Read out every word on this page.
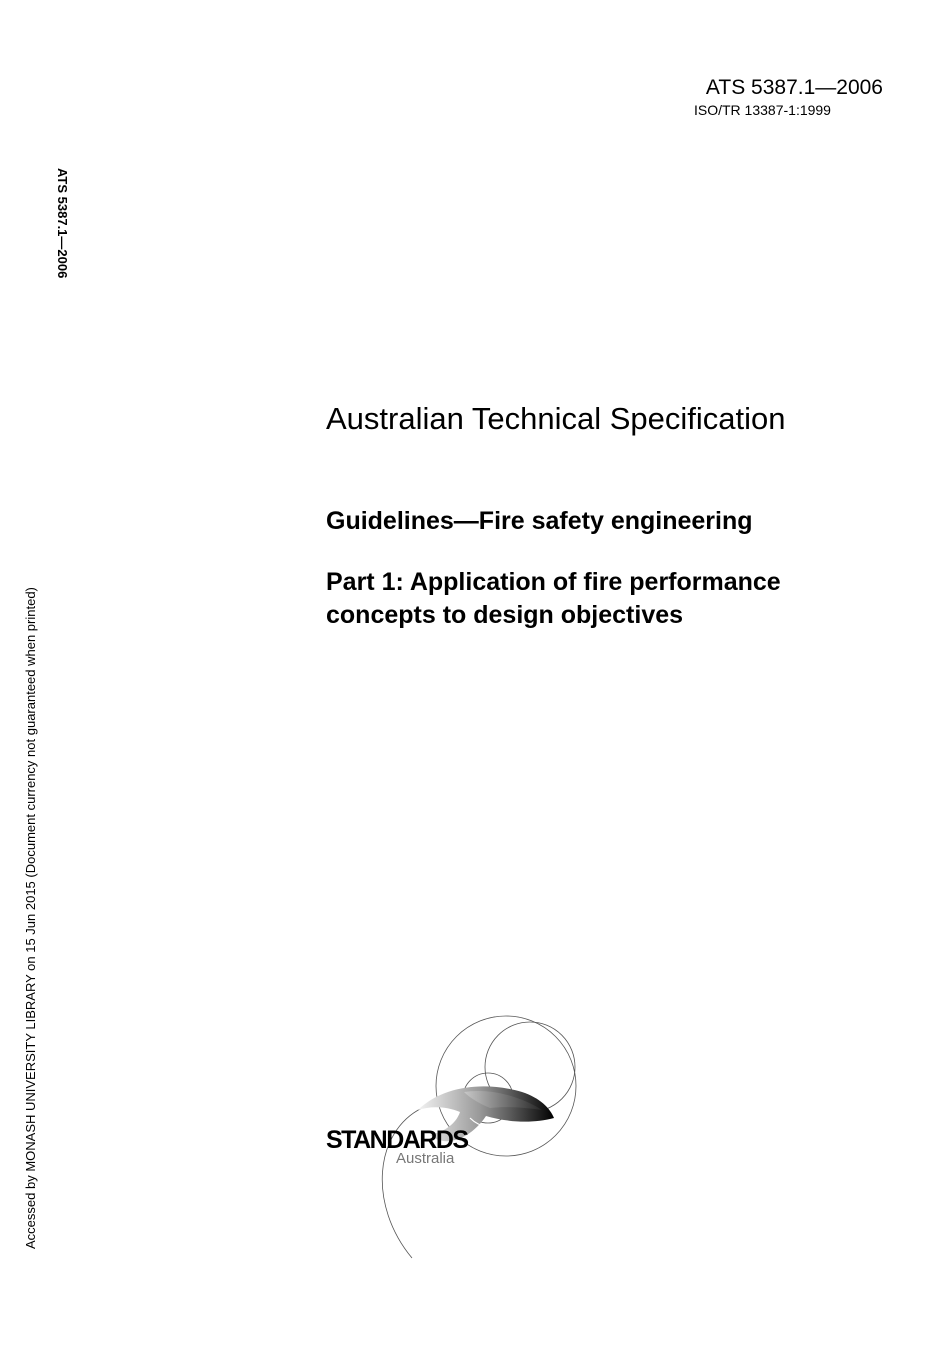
ATS 5387.1—2006
ISO/TR 13387-1:1999
ATS 5387.1—2006
Accessed by MONASH UNIVERSITY LIBRARY on 15 Jun 2015 (Document currency not guaranteed when printed)
Australian Technical Specification
Guidelines—Fire safety engineering
Part 1: Application of fire performance
concepts to design objectives
STANDARDS
Australia
